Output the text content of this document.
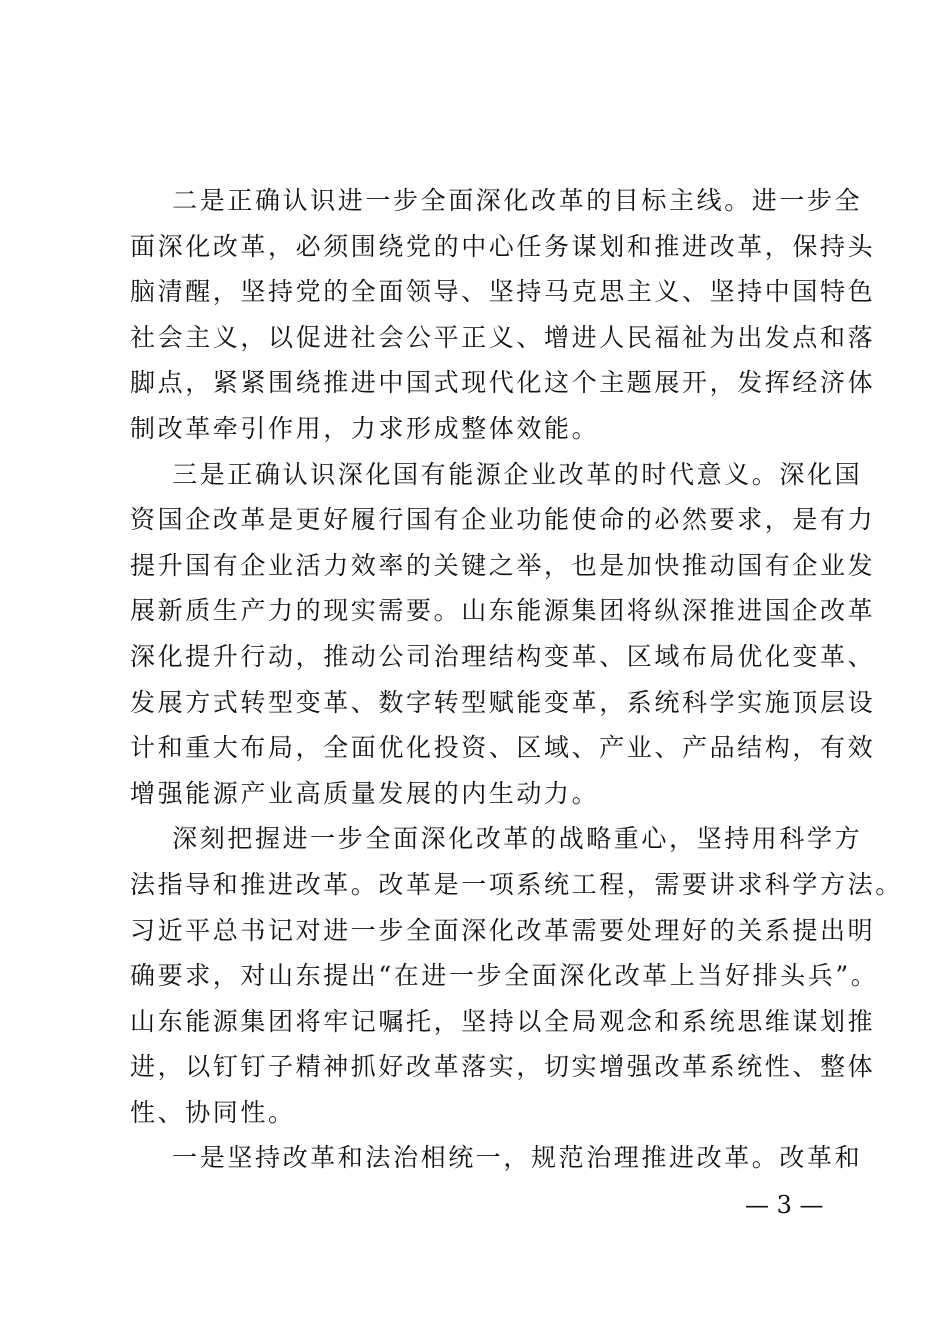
二是正确认识进一步全面深化改革的目标主线。进一步全
面深化改革，必须围绕党的中心任务谋划和推进改革，保持头
脑清醒，坚持党的全面领导、坚持马克思主义、坚持中国特色
社会主义，以促进社会公平正义、增进人民福祉为出发点和落
脚点，紧紧围绕推进中国式现代化这个主题展开，发挥经济体
制改革牵引作用，力求形成整体效能。
三是正确认识深化国有能源企业改革的时代意义。深化国
资国企改革是更好履行国有企业功能使命的必然要求，是有力
提升国有企业活力效率的关键之举，也是加快推动国有企业发
展新质生产力的现实需要。山东能源集团将纵深推进国企改革
深化提升行动，推动公司治理结构变革、区域布局优化变革、
发展方式转型变革、数字转型赋能变革，系统科学实施顶层设
计和重大布局，全面优化投资、区域、产业、产品结构，有效
增强能源产业高质量发展的内生动力。
深刻把握进一步全面深化改革的战略重心，坚持用科学方
法指导和推进改革。改革是一项系统工程，需要讲求科学方法。
习近平总书记对进一步全面深化改革需要处理好的关系提出明
确要求，对山东提出“在进一步全面深化改革上当好排头兵”。
山东能源集团将牢记嘱托，坚持以全局观念和系统思维谋划推
进，以钉钉子精神抓好改革落实，切实增强改革系统性、整体
性、协同性。
一是坚持改革和法治相统一，规范治理推进改革。改革和
— 3 —
